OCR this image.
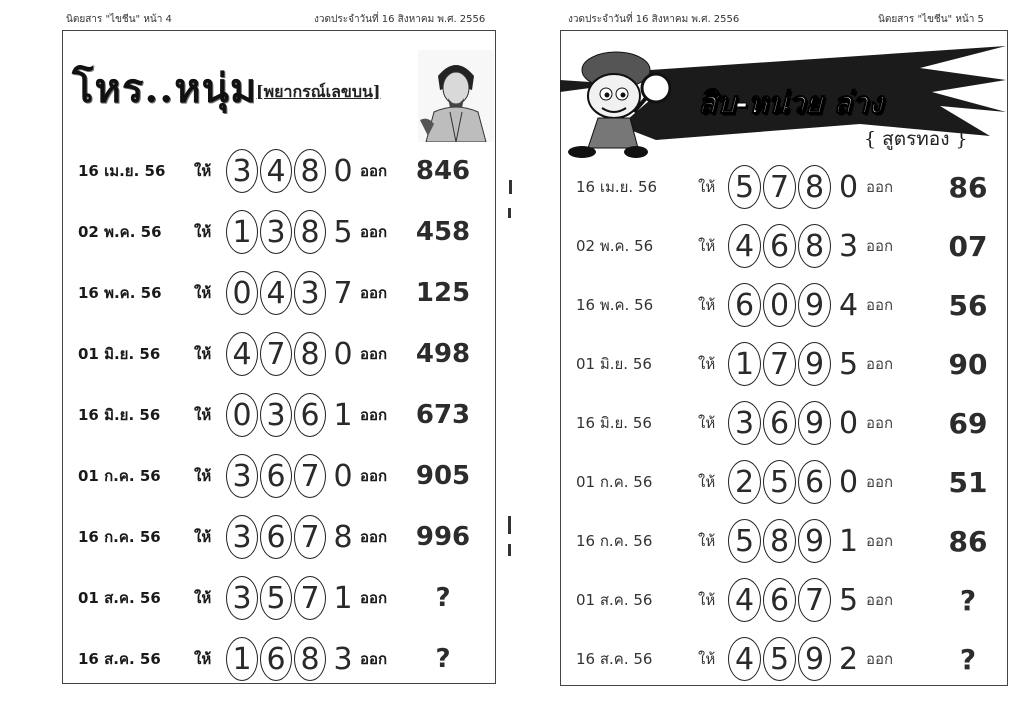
นิตยสาร "ไขชีน" หน้า 4	งวดประจำวันที่ 16 สิงหาคม พ.ศ. 2556
โหร..หนุ่ม
[พยากรณ์เลขบน]
16 เม.ย. 56	ให้ 3 4 8 0 ออก	846
02 พ.ค. 56	ให้ 1 3 8 5 ออก	458
16 พ.ค. 56	ให้ 0 4 3 7 ออก	125
01 มิ.ย. 56	ให้ 4 7 8 0 ออก	498
16 มิ.ย. 56	ให้ 0 3 6 1 ออก	673
01 ก.ค. 56	ให้ 3 6 7 0 ออก	905
16 ก.ค. 56	ให้ 3 6 7 8 ออก	996
01 ส.ค. 56	ให้ 3 5 7 1 ออก	?
16 ส.ค. 56	ให้ 1 6 8 3 ออก	?
งวดประจำวันที่ 16 สิงหาคม พ.ศ. 2556	นิตยสาร "ไขชีน" หน้า 5
สิบ-หน่วย ล่าง
{ สูตรทอง }
16 เม.ย. 56	ให้ 5 7 8 0 ออก	86
02 พ.ค. 56	ให้ 4 6 8 3 ออก	07
16 พ.ค. 56	ให้ 6 0 9 4 ออก	56
01 มิ.ย. 56	ให้ 1 7 9 5 ออก	90
16 มิ.ย. 56	ให้ 3 6 9 0 ออก	69
01 ก.ค. 56	ให้ 2 5 6 0 ออก	51
16 ก.ค. 56	ให้ 5 8 9 1 ออก	86
01 ส.ค. 56	ให้ 4 6 7 5 ออก	?
16 ส.ค. 56	ให้ 4 5 9 2 ออก	?
